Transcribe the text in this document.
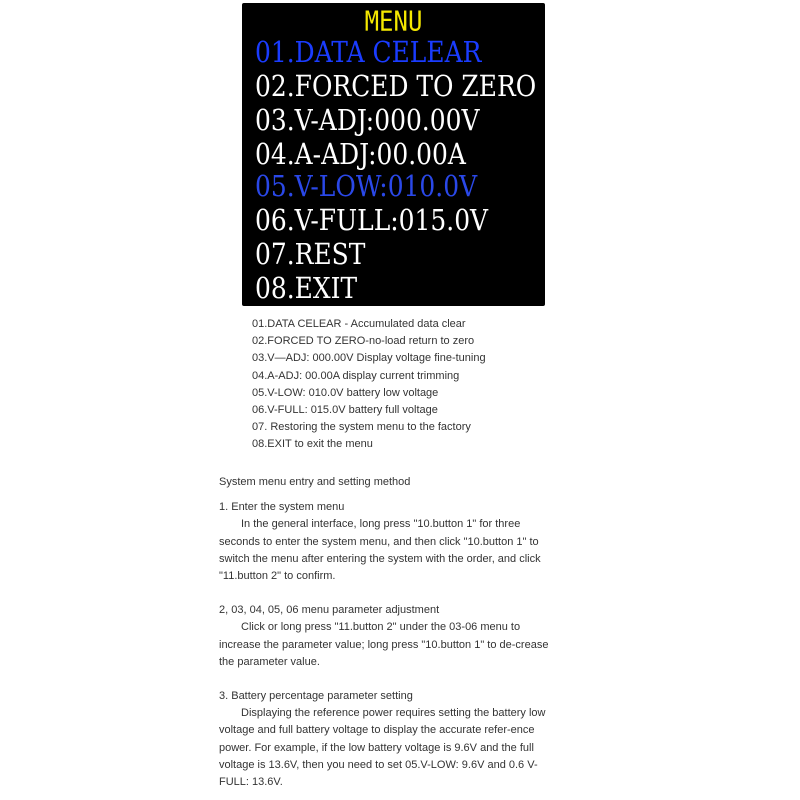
MENU
01.DATA CELEAR
02.FORCED TO ZERO
03.V-ADJ:000.00V
04.A-ADJ:00.00A
05.V-LOW:010.0V
06.V-FULL:015.0V
07.REST
08.EXIT
01.DATA CELEAR - Accumulated data clear
02.FORCED TO ZERO-no-load return to zero
03.V—ADJ: 000.00V Display voltage fine-tuning
04.A-ADJ: 00.00A display current trimming
05.V-LOW: 010.0V battery low voltage
06.V-FULL: 015.0V battery full voltage
07. Restoring the system menu to the factory
08.EXIT to exit the menu
System menu entry and setting method
1. Enter the system menu
In the general interface, long press "10.button 1" for three seconds to enter the system menu, and then click "10.button 1" to switch the menu after entering the system with the order, and click "11.button 2" to confirm.
2, 03, 04, 05, 06 menu parameter adjustment
Click or long press "11.button 2" under the 03-06 menu to increase the parameter value; long press "10.button 1" to de-crease the parameter value.
3. Battery percentage parameter setting
Displaying the reference power requires setting the battery low voltage and full battery voltage to display the accurate refer-ence power. For example, if the low battery voltage is 9.6V and the full voltage is 13.6V, then you need to set 05.V-LOW: 9.6V and 0.6 V-FULL: 13.6V.
